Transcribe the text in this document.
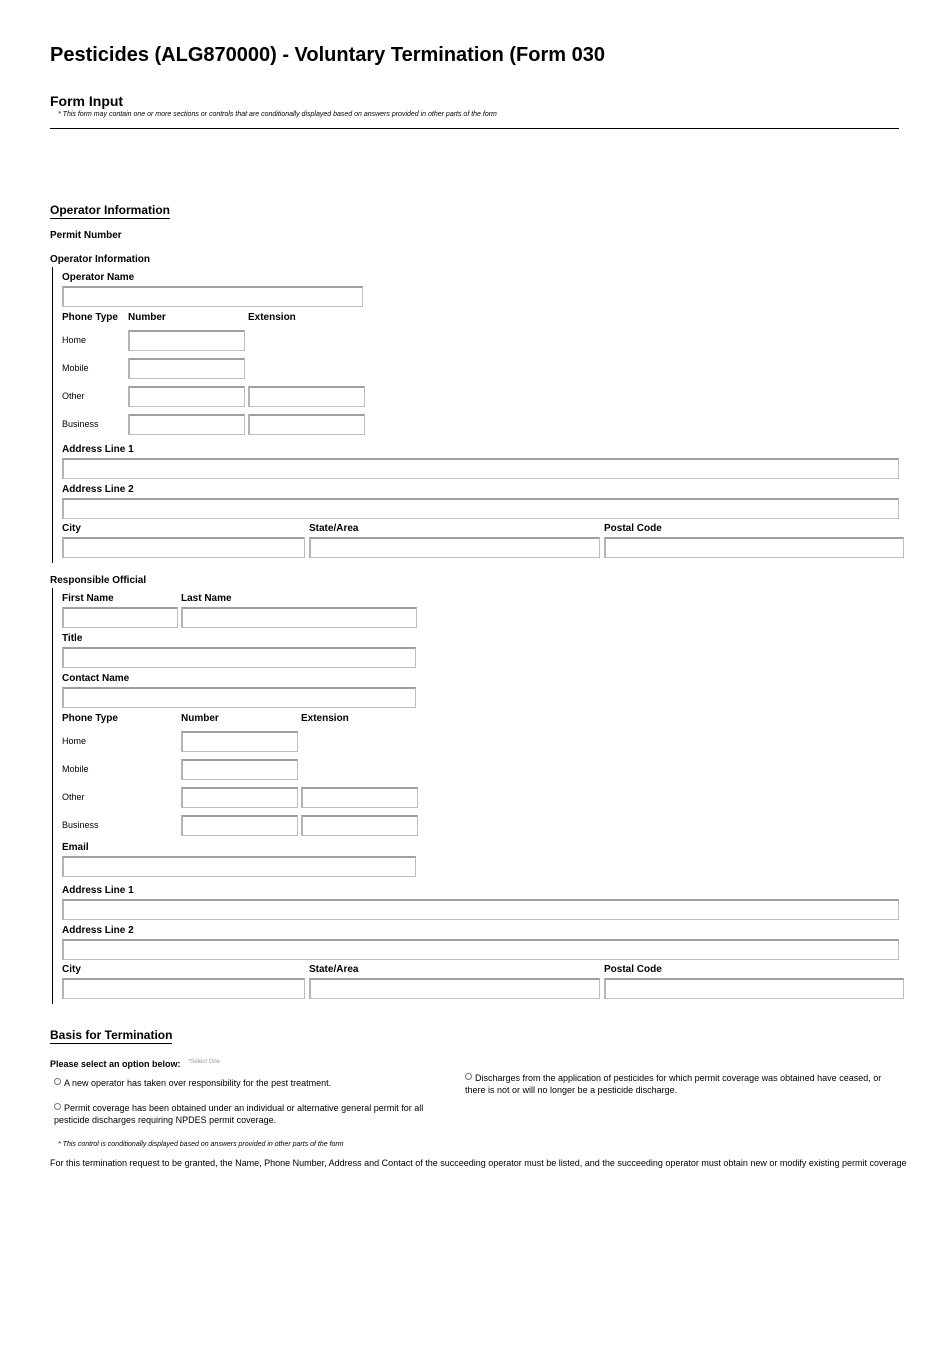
Pesticides (ALG870000) - Voluntary Termination (Form 030
Form Input
* This form may contain one or more sections or controls that are conditionally displayed based on answers provided in other parts of the form
Operator Information
Permit Number
Operator Information
Operator Name
Phone Type Number	Extension
Home
Mobile
Other
Business
Address Line 1
Address Line 2
City	State/Area	Postal Code
Responsible Official
First Name	Last Name
Title
Contact Name
Phone Type	Number	Extension
Home
Mobile
Other
Business
Email
Address Line 1
Address Line 2
City	State/Area	Postal Code
Basis for Termination
Please select an option below: $^{*Select One}$
A new operator has taken over responsibility for the pest treatment.	Discharges from the application of pesticides for which permit coverage was obtained have ceased, or there is not or will no longer be a pesticide discharge.
Permit coverage has been obtained under an individual or alternative general permit for all pesticide discharges requiring NPDES permit coverage.
* This control is conditionally displayed based on answers provided in other parts of the form
For this termination request to be granted, the Name, Phone Number, Address and Contact of the succeeding operator must be listed, and the succeeding operator must obtain new or modify existing permit coverage
